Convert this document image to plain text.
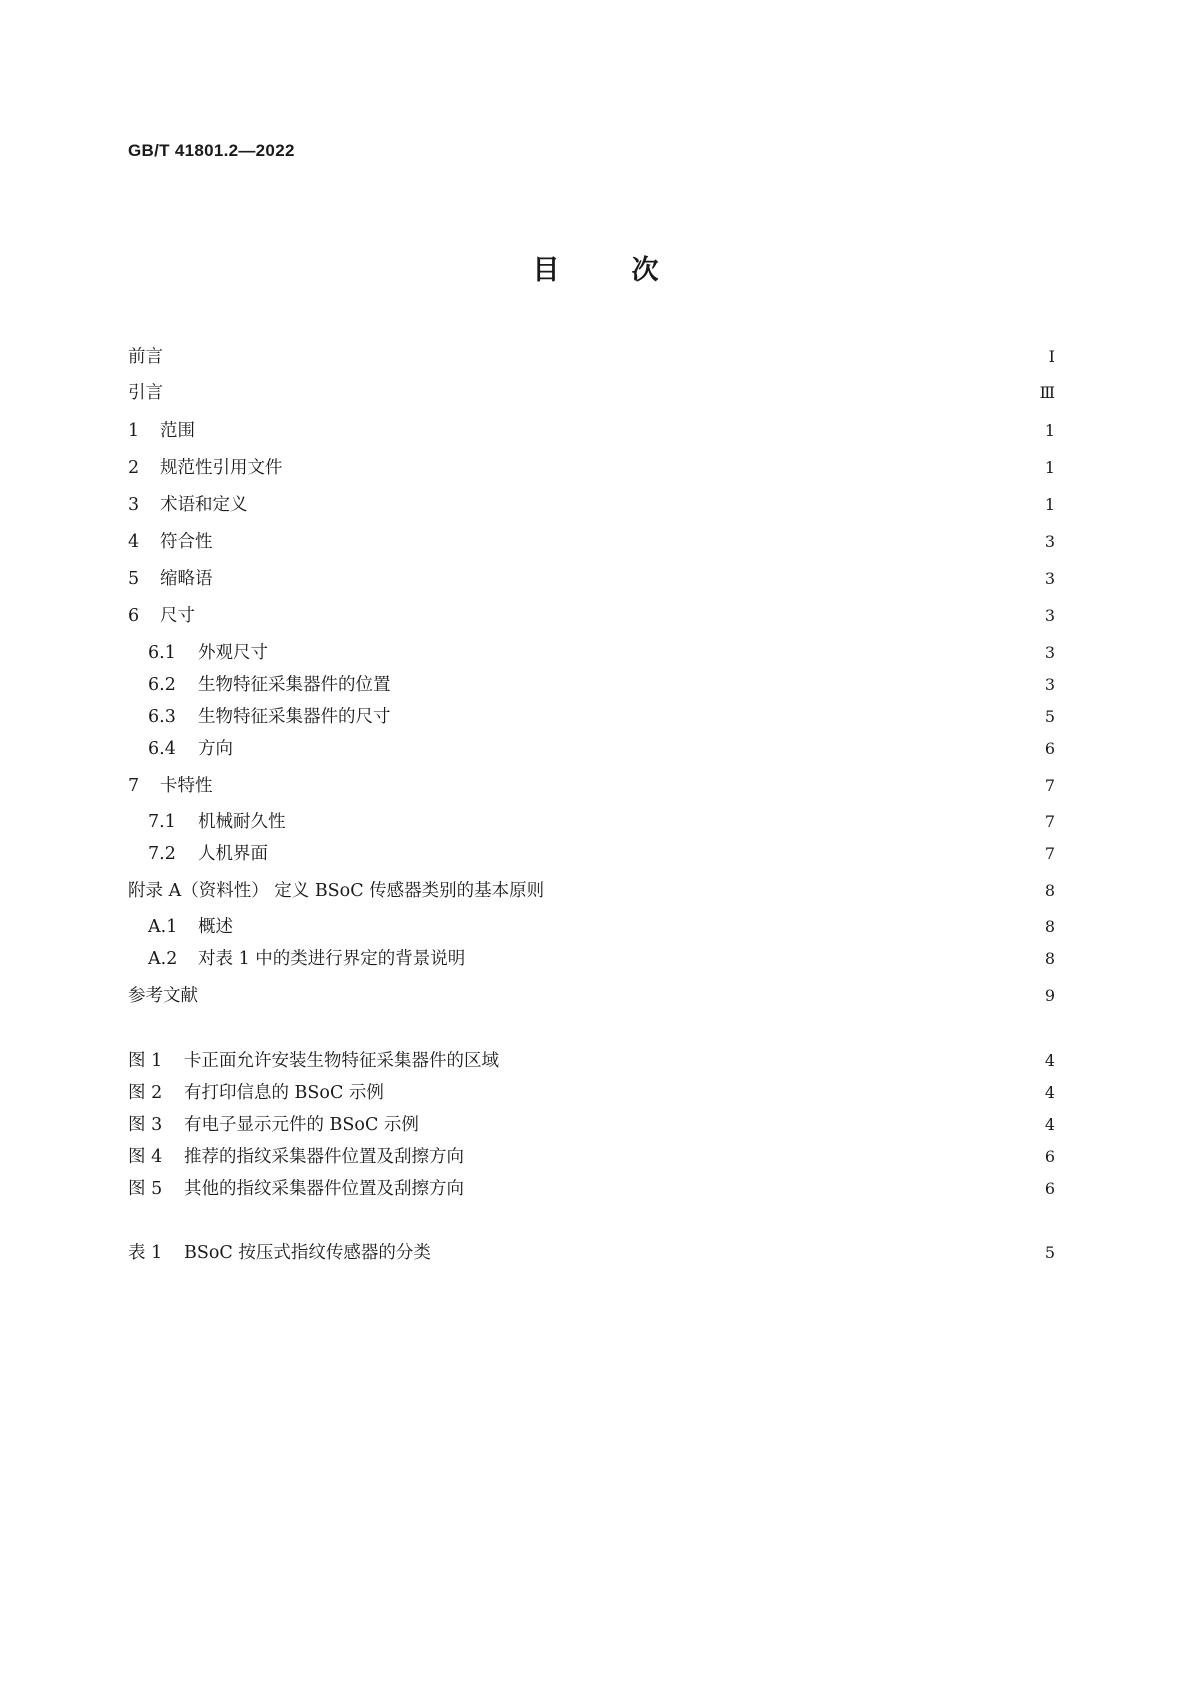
GB/T 41801.2—2022
目	次
前言	Ⅰ
引言	Ⅲ
1	范围	1
2	规范性引用文件	1
3	术语和定义	1
4	符合性	3
5	缩略语	3
6	尺寸	3
6.1	外观尺寸	3
6.2	生物特征采集器件的位置	3
6.3	生物特征采集器件的尺寸	5
6.4	方向	6
7	卡特性	7
7.1	机械耐久性	7
7.2	人机界面	7
附录 A（资料性） 定义 BSoC 传感器类别的基本原则	8
A.1	概述	8
A.2	对表 1 中的类进行界定的背景说明	8
参考文献	9
图 1	卡正面允许安装生物特征采集器件的区域	4
图 2	有打印信息的 BSoC 示例	4
图 3	有电子显示元件的 BSoC 示例	4
图 4	推荐的指纹采集器件位置及刮擦方向	6
图 5	其他的指纹采集器件位置及刮擦方向	6
表 1	BSoC 按压式指纹传感器的分类	5
